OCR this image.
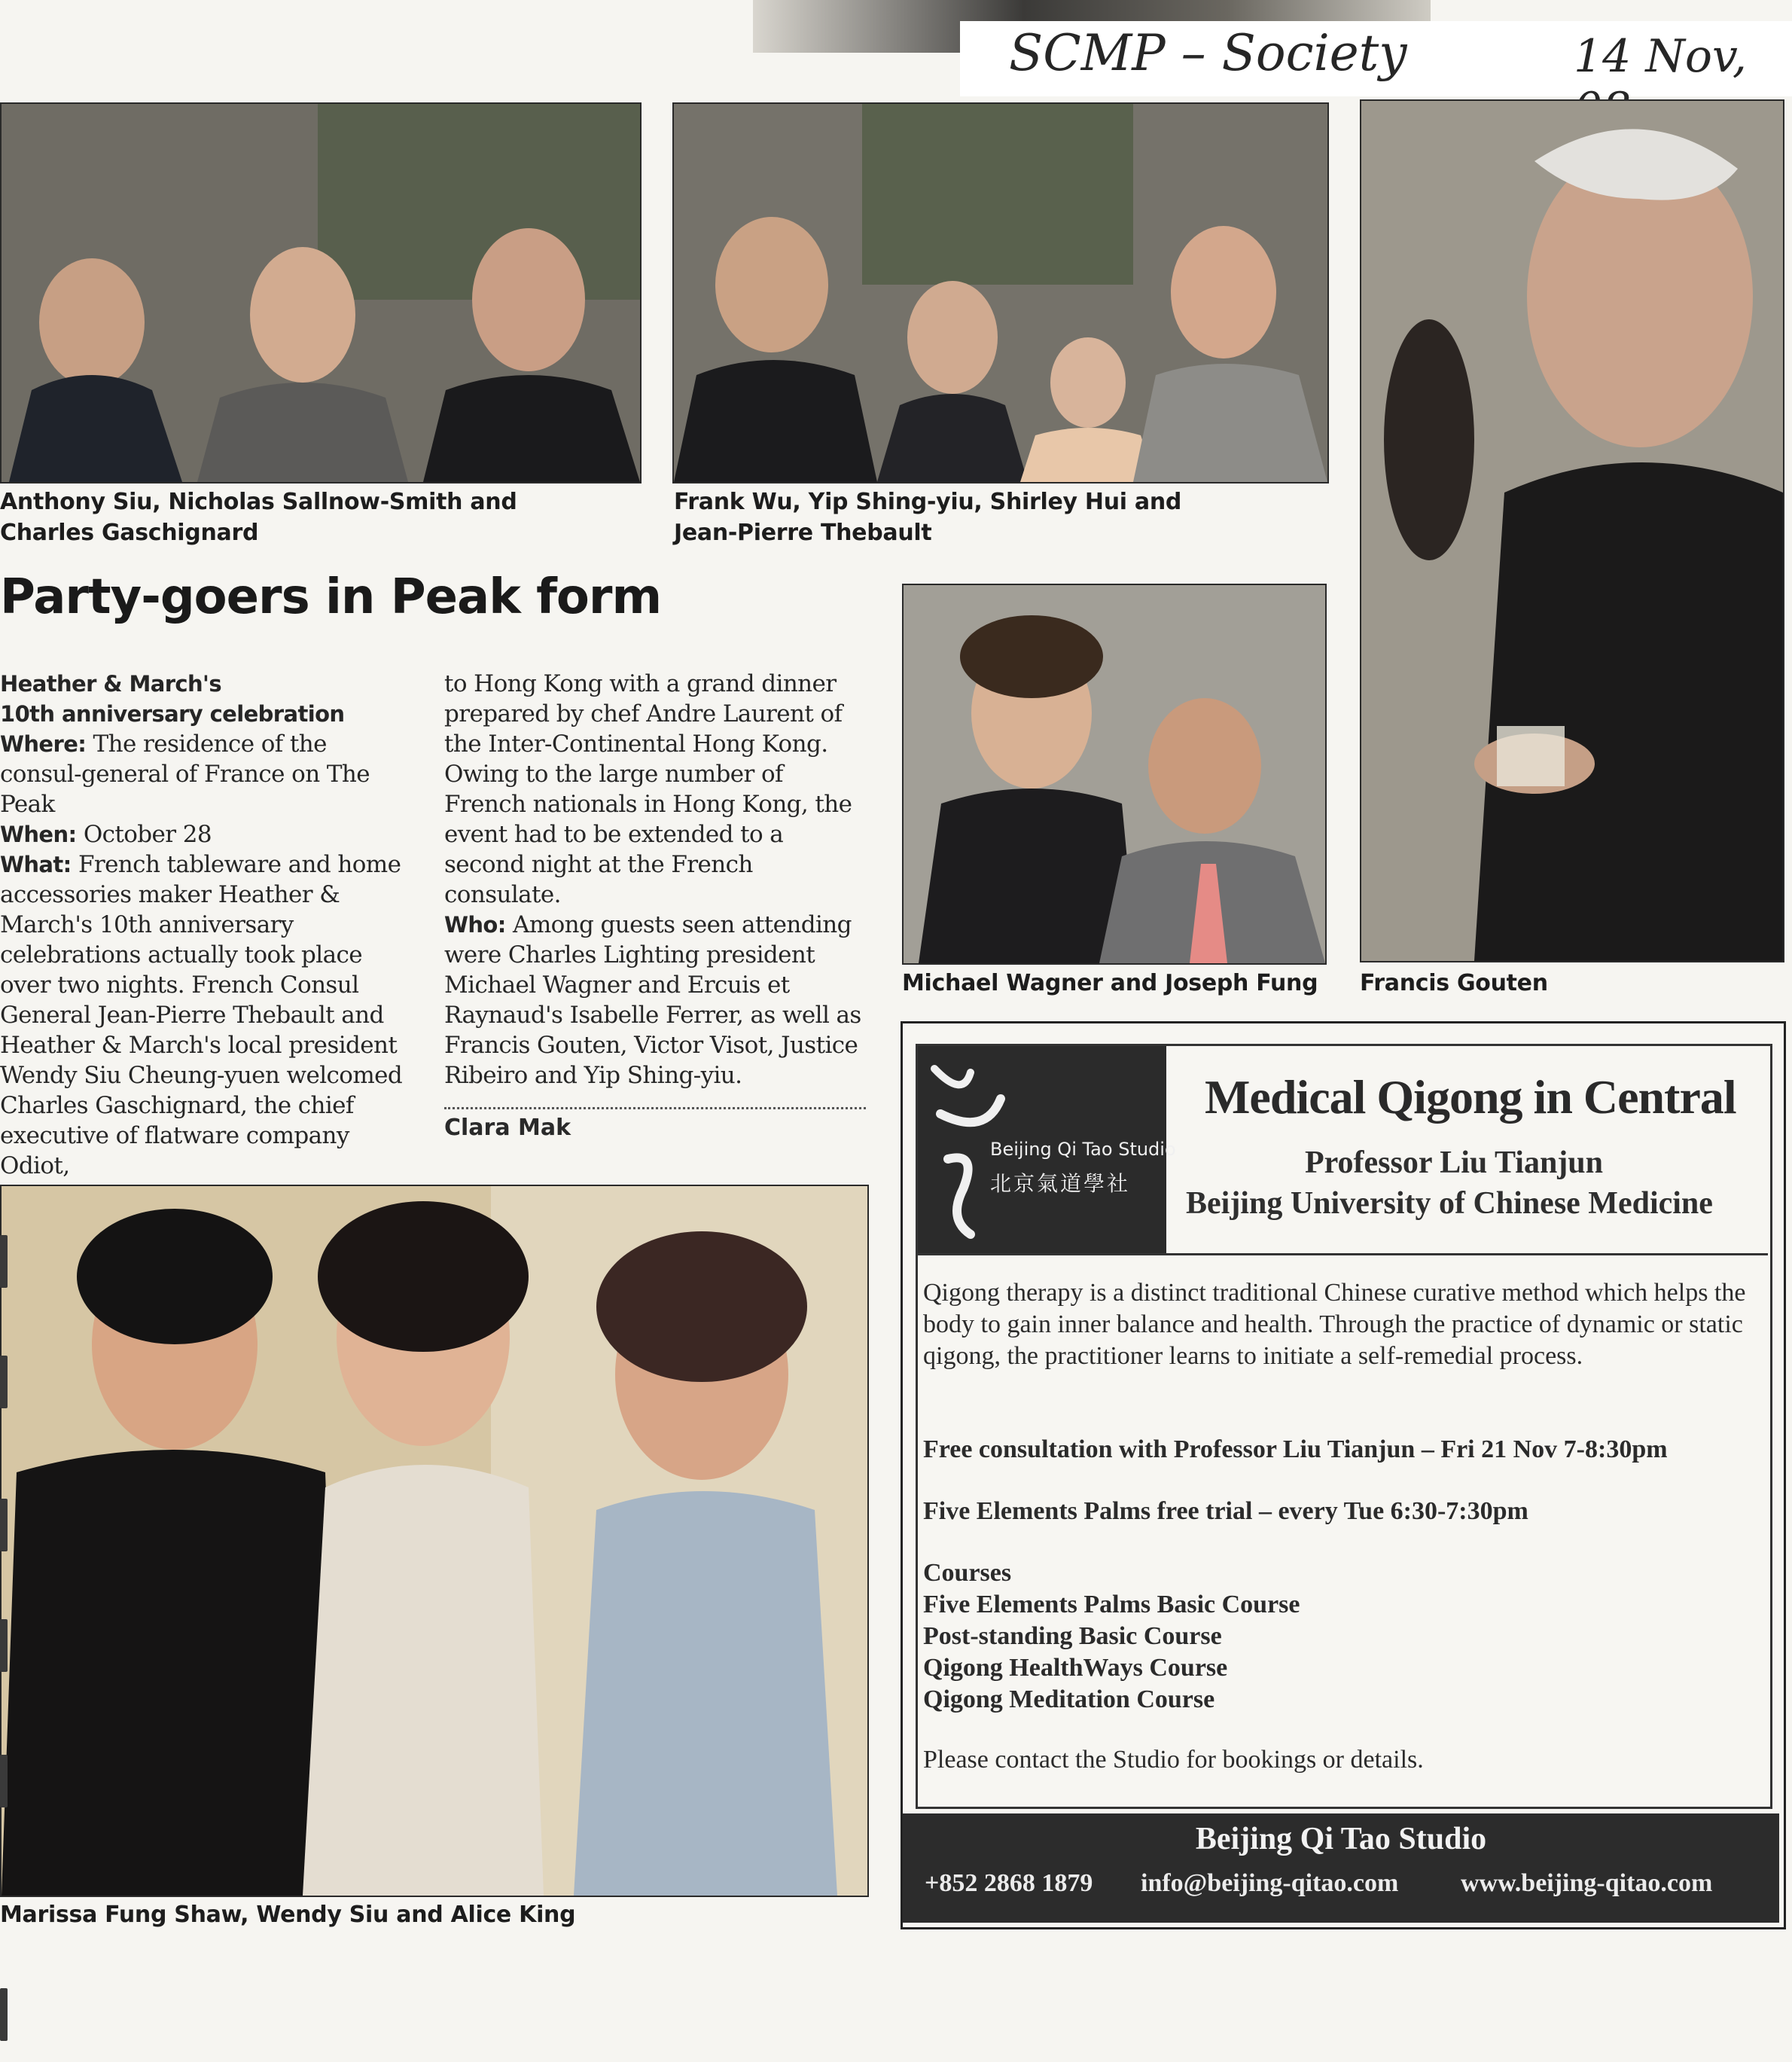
SCMP – Society	14 Nov,
Anthony Siu, Nicholas Sallnow-Smith and
Charles Gaschignard
Frank Wu, Yip Shing-yiu, Shirley Hui and
Jean-Pierre Thebault
Michael Wagner and Joseph Fung Francis Gouten
Marissa Fung Shaw, Wendy Siu and Alice King
Party-goers in Peak form

Heather & March's

10th anniversary celebration

Where: The residence of the consul-general of France on The Peak

When: October 28

What: French tableware and home accessories maker Heather & March's 10th anniversary celebrations actually took place over two nights. French Consul General Jean-Pierre Thebault and Heather & March's local president Wendy Siu Cheung-yuen welcomed Charles Gaschignard, the chief executive of flatware company Odiot,

to Hong Kong with a grand dinner prepared by chef Andre Laurent of the Inter-Continental Hong Kong. Owing to the large number of French nationals in Hong Kong, the event had to be extended to a second night at the French consulate.

Who: Among guests seen attending were Charles Lighting president Michael Wagner and Ercuis et Raynaud's Isabelle Ferrer, as well as Francis Gouten, Victor Visot, Justice Ribeiro and Yip Shing-yiu.

Clara Mak
Beijing Qi Tao Studio
北京氣道學社
Medical Qigong in Central
Professor Liu Tianjun
Beijing University of Chinese Medicine
Qigong therapy is a distinct traditional Chinese curative method which helps the body to gain inner balance and health. Through the practice of dynamic or static qigong, the practitioner learns to initiate a self-remedial process.
Free consultation with Professor Liu Tianjun – Fri 21 Nov 7-8:30pm
Five Elements Palms free trial – every Tue 6:30-7:30pm
Courses
Five Elements Palms Basic Course
Post-standing Basic Course
Qigong HealthWays Course
Qigong Meditation Course
Please contact the Studio for bookings or details.
Beijing Qi Tao Studio
+852 2868 1879 info@beijing-qitao.com www.beijing-qitao.com
